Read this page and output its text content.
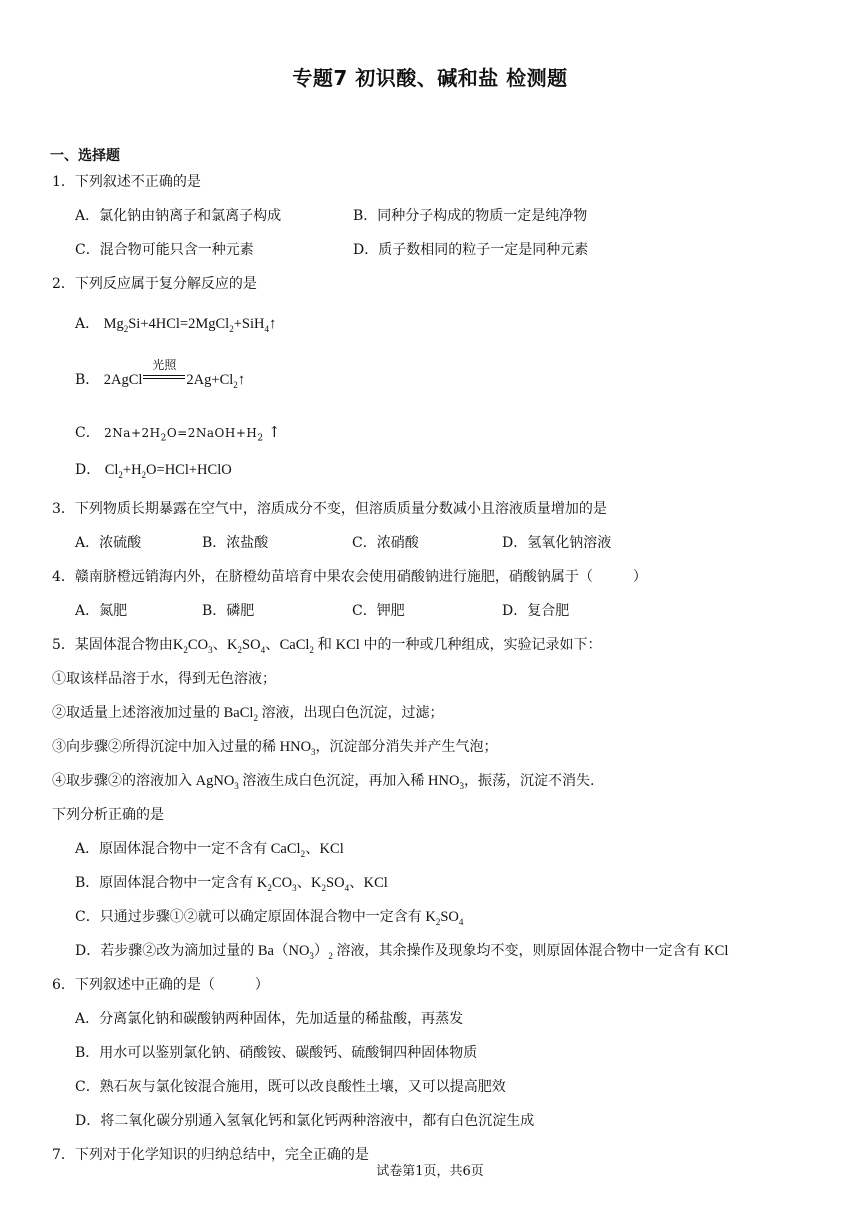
专题7 初识酸、碱和盐 检测题
一、选择题
1．下列叙述不正确的是
A．氯化钠由钠离子和氯离子构成	B．同种分子构成的物质一定是纯净物
C．混合物可能只含一种元素	D．质子数相同的粒子一定是同种元素
2．下列反应属于复分解反应的是
A． $Mg_2Si+4HCl=2MgCl_2+SiH_4↑$
B． 2AgCl
光照
$2Ag+Cl_2↑$
C． $2Na+2H_2O=2NaOH+H_2$ ↑
D． $Cl_2+H_2O=HCl+HClO$
3．下列物质长期暴露在空气中，溶质成分不变，但溶质质量分数减小且溶液质量增加的是
A．浓硫酸	B．浓盐酸	C．浓硝酸	D．氢氧化钠溶液
4．赣南脐橙远销海内外，在脐橙幼苗培育中果农会使用硝酸钠进行施肥，硝酸钠属于（	）
A．氮肥	B．磷肥	C．钾肥	D．复合肥
5．某固体混合物由$K_2CO_3$、$K_2SO_4$、CaCl$_2$ 和 KCl 中的一种或几种组成，实验记录如下：
①取该样品溶于水，得到无色溶液；
②取适量上述溶液加过量的 BaCl$_2$ 溶液，出现白色沉淀，过滤；
③向步骤②所得沉淀中加入过量的稀 $HNO_3$，沉淀部分消失并产生气泡；
④取步骤②的溶液加入 AgNO$_3$ 溶液生成白色沉淀，再加入稀 $HNO_3$，振荡，沉淀不消失.
下列分析正确的是
A．原固体混合物中一定不含有 CaCl$_2$、KCl
B．原固体混合物中一定含有 $K_2CO_3$、$K_2SO_4$、KCl
C．只通过步骤①②就可以确定原固体混合物中一定含有 $K_2SO_4$
D．若步骤②改为滴加过量的 $Ba(NO_3)_2$ 溶液，其余操作及现象均不变，则原固体混合物中一定含有 KCl
6．下列叙述中正确的是（	）
A．分离氯化钠和碳酸钠两种固体，先加适量的稀盐酸，再蒸发
B．用水可以鉴别氯化钠、硝酸铵、碳酸钙、硫酸铜四种固体物质
C．熟石灰与氯化铵混合施用，既可以改良酸性土壤，又可以提高肥效
D．将二氧化碳分别通入氢氧化钙和氯化钙两种溶液中，都有白色沉淀生成
7．下列对于化学知识的归纳总结中，完全正确的是
试卷第1页，共6页
